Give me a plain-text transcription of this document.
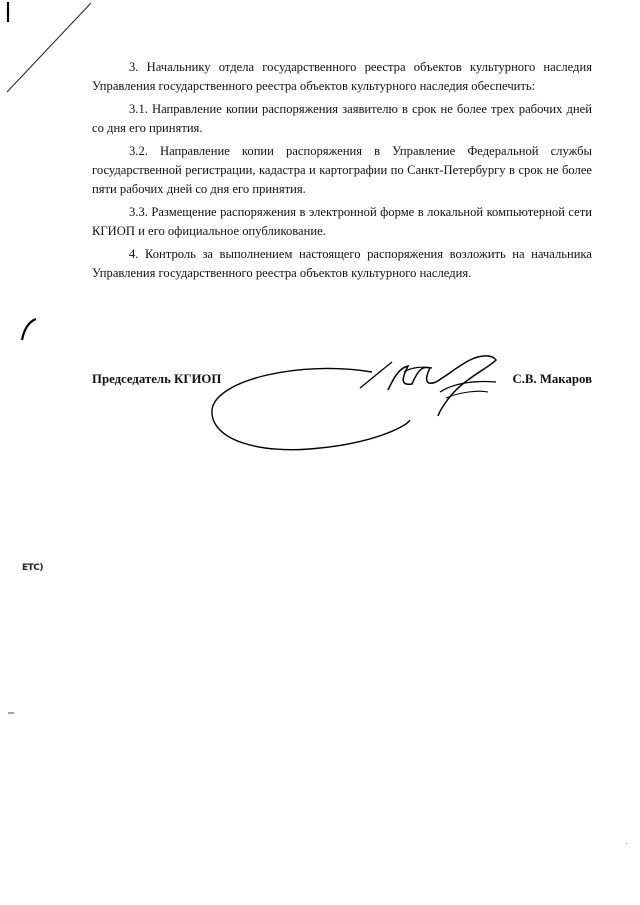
ETC)

3. Начальнику отдела государственного реестра объектов культурного наследия Управления государственного реестра объектов культурного наследия обеспечить:

3.1. Направление копии распоряжения заявителю в срок не более трех рабочих дней со дня его принятия.

3.2. Направление копии распоряжения в Управление Федеральной службы государственной регистрации, кадастра и картографии по Санкт-Петербургу в срок не более пяти рабочих дней со дня его принятия.

3.3. Размещение распоряжения в электронной форме в локальной компьютерной сети КГИОП и его официальное опубликование.

4. Контроль за выполнением настоящего распоряжения возложить на начальника Управления государственного реестра объектов культурного наследия.

Председатель КГИОП	С.В. Макаров
